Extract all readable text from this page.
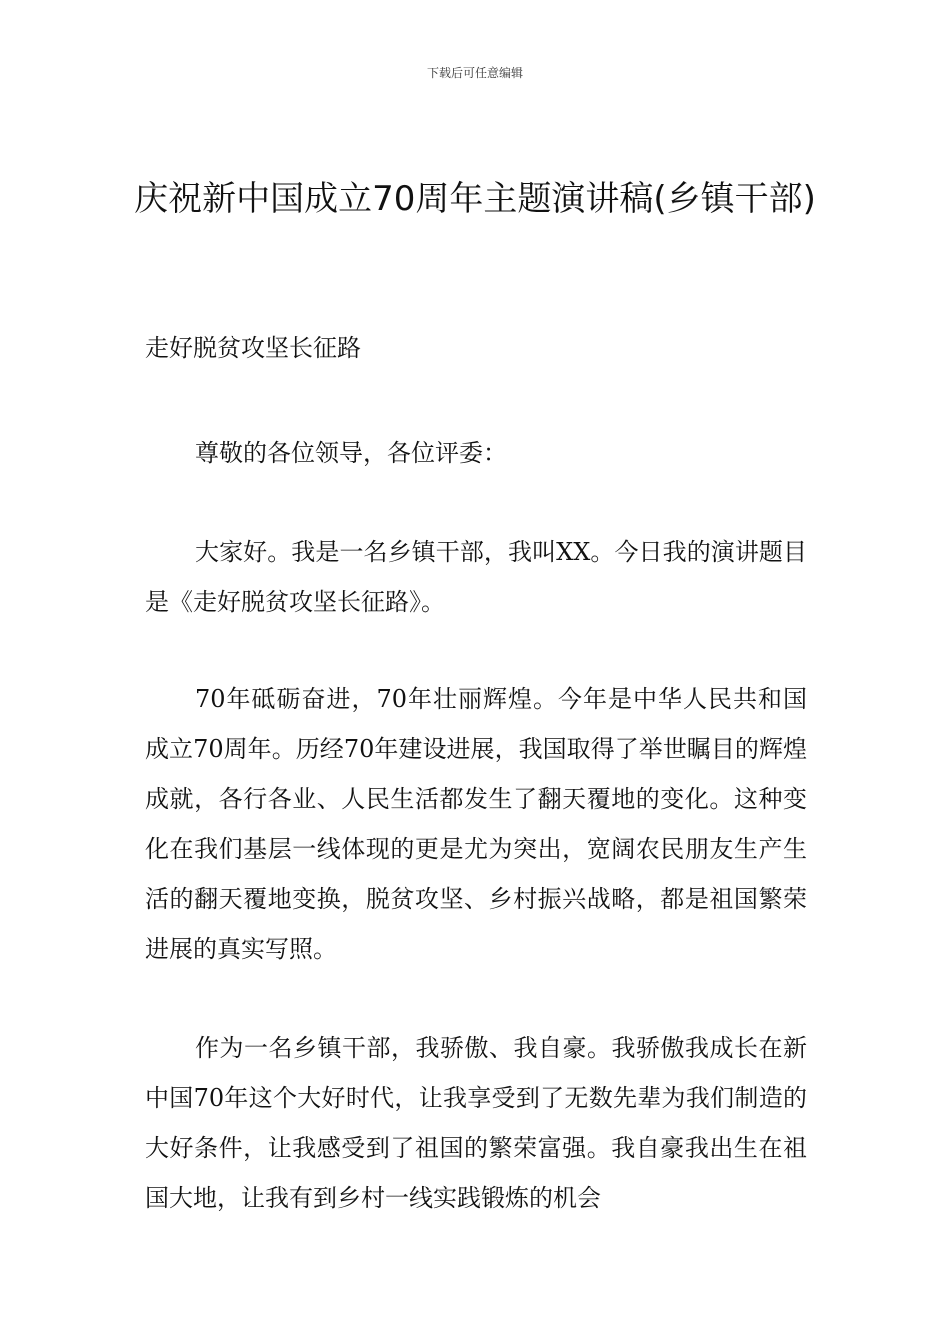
下载后可任意编辑
庆祝新中国成立70周年主题演讲稿(乡镇干部)

走好脱贫攻坚长征路

尊敬的各位领导，各位评委：

大家好。我是一名乡镇干部，我叫XX。今日我的演讲题目是《走好脱贫攻坚长征路》。

70年砥砺奋进，70年壮丽辉煌。今年是中华人民共和国成立70周年。历经70年建设进展，我国取得了举世瞩目的辉煌成就，各行各业、人民生活都发生了翻天覆地的变化。这种变化在我们基层一线体现的更是尤为突出，宽阔农民朋友生产生活的翻天覆地变换，脱贫攻坚、乡村振兴战略，都是祖国繁荣进展的真实写照。

作为一名乡镇干部，我骄傲、我自豪。我骄傲我成长在新中国70年这个大好时代，让我享受到了无数先辈为我们制造的大好条件，让我感受到了祖国的繁荣富强。我自豪我出生在祖国大地，让我有到乡村一线实践锻炼的机会
